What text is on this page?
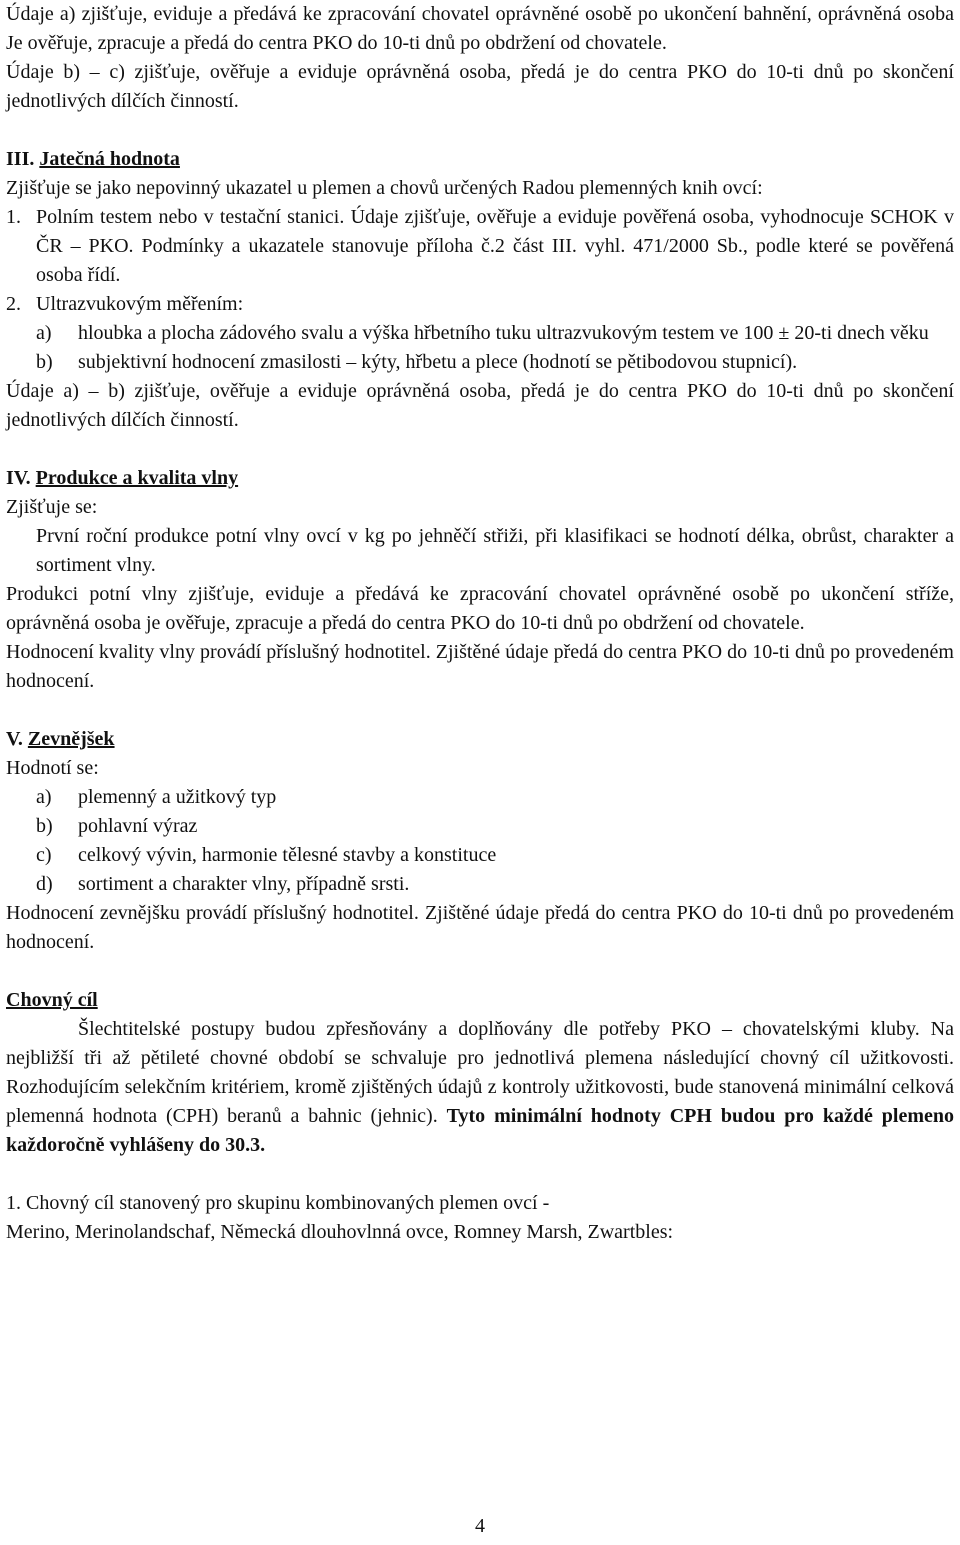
Údaje a) zjišťuje, eviduje a předává ke zpracování chovatel oprávněné osobě po ukončení bahnění, oprávněná osoba Je ověřuje, zpracuje a předá do centra PKO do 10-ti dnů po obdržení od chovatele.

Údaje b) – c) zjišťuje, ověřuje a eviduje oprávněná osoba, předá je do centra PKO do 10-ti dnů po skončení jednotlivých dílčích činností.

III. Jatečná hodnota

Zjišťuje se jako nepovinný ukazatel u plemen a chovů určených Radou plemenných knih ovcí:

1. Polním testem nebo v testační stanici. Údaje zjišťuje, ověřuje a eviduje pověřená osoba, vyhodnocuje SCHOK v ČR – PKO. Podmínky a ukazatele stanovuje příloha č.2 část III. vyhl. 471/2000 Sb., podle které se pověřená osoba řídí.
2. Ultrazvukovým měřením:
a)	hloubka a plocha zádového svalu a výška hřbetního tuku ultrazvukovým testem ve 100 ± 20-ti dnech věku
b)	subjektivní hodnocení zmasilosti – kýty, hřbetu a plece (hodnotí se pětibodovou stupnicí).

Údaje a) – b) zjišťuje, ověřuje a eviduje oprávněná osoba, předá je do centra PKO do 10-ti dnů po skončení jednotlivých dílčích činností.

IV. Produkce a kvalita vlny

Zjišťuje se:

První roční produkce potní vlny ovcí v kg po jehněčí střiži, při klasifikaci se hodnotí délka, obrůst, charakter a sortiment vlny.

Produkci potní vlny zjišťuje, eviduje a předává ke zpracování chovatel oprávněné osobě po ukončení stříže, oprávněná osoba je ověřuje, zpracuje a předá do centra PKO do 10-ti dnů po obdržení od chovatele.

Hodnocení kvality vlny provádí příslušný hodnotitel. Zjištěné údaje předá do centra PKO do 10-ti dnů po provedeném hodnocení.

V. Zevnějšek

Hodnotí se:

a)	plemenný a užitkový typ
b)	pohlavní výraz
c)	celkový vývin, harmonie tělesné stavby a konstituce
d)	sortiment a charakter vlny, případně srsti.

Hodnocení zevnějšku provádí příslušný hodnotitel. Zjištěné údaje předá do centra PKO do 10-ti dnů po provedeném hodnocení.

Chovný cíl

Šlechtitelské postupy budou zpřesňovány a doplňovány dle potřeby PKO – chovatelskými kluby. Na nejbližší tři až pětileté chovné období se schvaluje pro jednotlivá plemena následující chovný cíl užitkovosti. Rozhodujícím selekčním kritériem, kromě zjištěných údajů z kontroly užitkovosti, bude stanovená minimální celková plemenná hodnota (CPH) beranů a bahnic (jehnic). Tyto minimální hodnoty CPH budou pro každé plemeno každoročně vyhlášeny do 30.3.

1. Chovný cíl stanovený pro skupinu kombinovaných plemen ovcí -

Merino, Merinolandschaf, Německá dlouhovlnná ovce, Romney Marsh, Zwartbles:

4
